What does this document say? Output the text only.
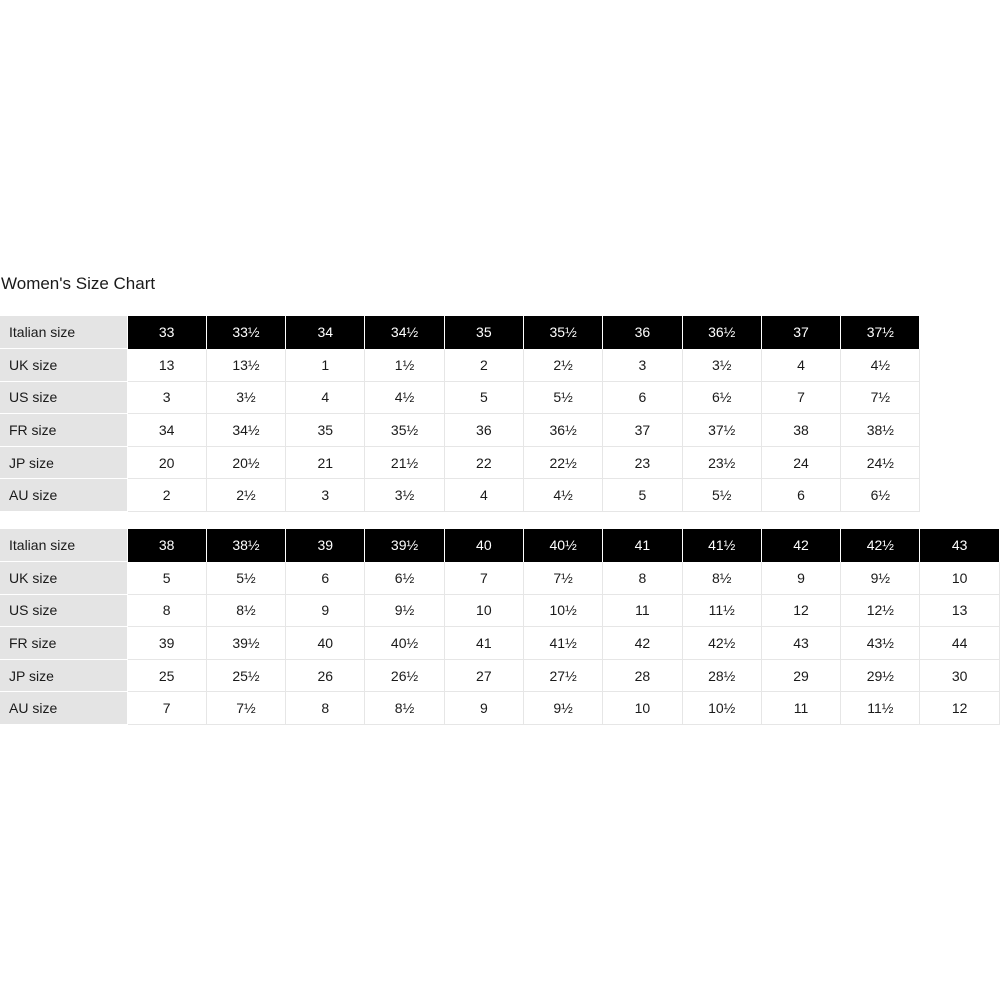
Women's Size Chart
Italian size	33	33½	34	34½	35	35½	36	36½	37	37½
UK size	13	13½	1	1½	2	2½	3	3½	4	4½
US size	3	3½	4	4½	5	5½	6	6½	7	7½
FR size	34	34½	35	35½	36	36½	37	37½	38	38½
JP size	20	20½	21	21½	22	22½	23	23½	24	24½
AU size	2	2½	3	3½	4	4½	5	5½	6	6½
Italian size	38	38½	39	39½	40	40½	41	41½	42	42½	43
UK size	5	5½	6	6½	7	7½	8	8½	9	9½	10
US size	8	8½	9	9½	10	10½	11	11½	12	12½	13
FR size	39	39½	40	40½	41	41½	42	42½	43	43½	44
JP size	25	25½	26	26½	27	27½	28	28½	29	29½	30
AU size	7	7½	8	8½	9	9½	10	10½	11	11½	12
